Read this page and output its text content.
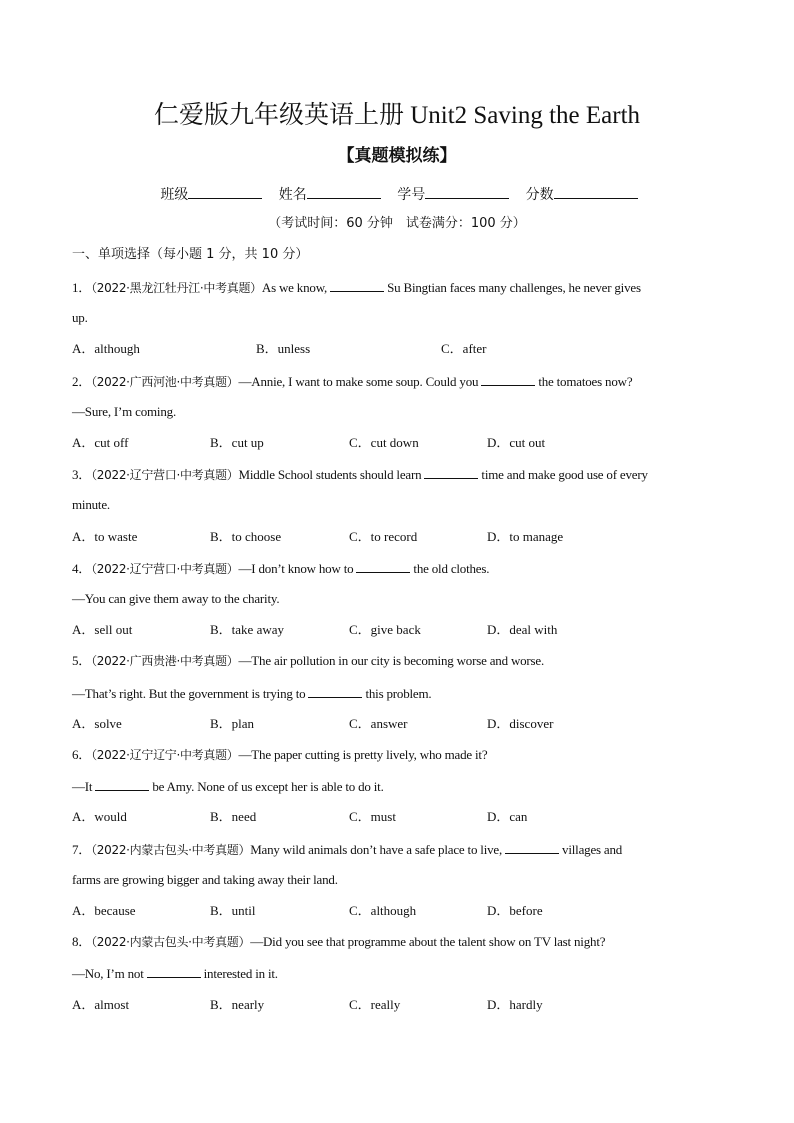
仁爱版九年级英语上册 Unit2 Saving the Earth
【真题模拟练】
班级	姓名	学号	分数
（考试时间：60 分钟　试卷满分：100 分）
一、单项选择（每小题 1 分，共 10 分）
1．（2022·黑龙江牡丹江·中考真题）As we know,	Su Bingtian faces many challenges, he never gives
up.
A．although	B．unless	C．after
2．（2022·广西河池·中考真题）—Annie, I want to make some soup. Could you	the tomatoes now?
—Sure, I’m coming.
A．cut off	B．cut up	C．cut down	D．cut out
3．（2022·辽宁营口·中考真题）Middle School students should learn	time and make good use of every
minute.
A．to waste	B．to choose	C．to record	D．to manage
4．（2022·辽宁营口·中考真题）—I don’t know how to	the old clothes.
—You can give them away to the charity.
A．sell out	B．take away	C．give back	D．deal with
5．（2022·广西贵港·中考真题）—The air pollution in our city is becoming worse and worse.
—That’s right. But the government is trying to	this problem.
A．solve	B．plan	C．answer	D．discover
6．（2022·辽宁辽宁·中考真题）—The paper cutting is pretty lively, who made it?
—It	be Amy. None of us except her is able to do it.
A．would	B．need	C．must	D．can
7．（2022·内蒙古包头·中考真题）Many wild animals don’t have a safe place to live,	villages and
farms are growing bigger and taking away their land.
A．because	B．until	C．although	D．before
8．（2022·内蒙古包头·中考真题）—Did you see that programme about the talent show on TV last night?
—No, I’m not	interested in it.
A．almost	B．nearly	C．really	D．hardly
